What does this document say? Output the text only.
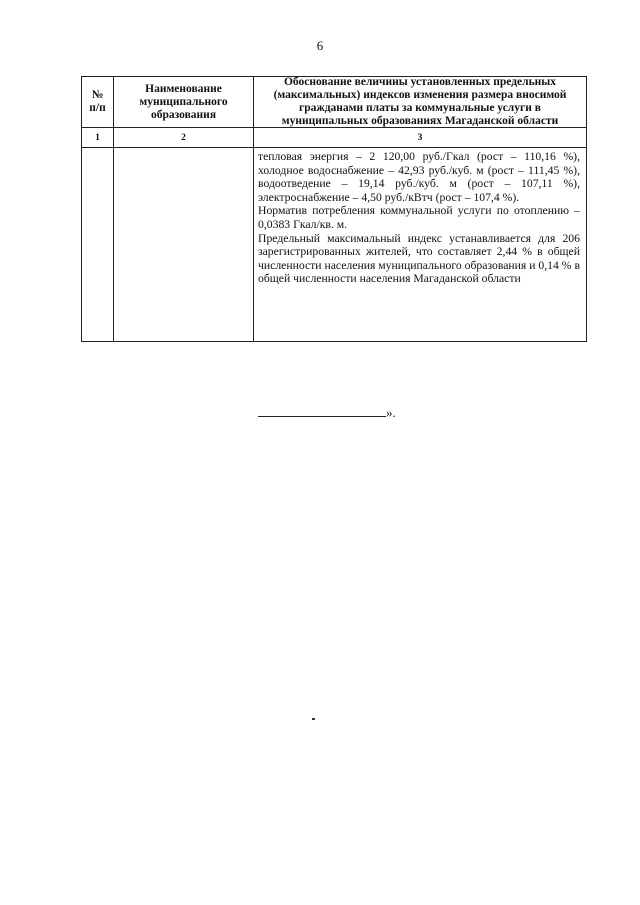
6
№ п/п
Наименование муниципального образования
Обоснование величины установленных предельных (максимальных) индексов изменения размера вносимой гражданами платы за коммунальные услуги в муниципальных образованиях Магаданской области
1	2	3

тепловая энергия – 2 120,00 руб./Гкал (рост – 110,16 %), холодное водоснабжение – 42,93 руб./куб. м (рост – 111,45 %), водоотведение – 19,14 руб./куб. м (рост – 107,11 %), электроснабжение – 4,50 руб./кВтч (рост – 107,4 %).

Норматив потребления коммунальной услуги по отоплению – 0,0383 Гкал/кв. м.

Предельный максимальный индекс устанавливается для 206 зарегистрированных жителей, что составляет 2,44 % в общей численности населения муниципального образования и 0,14 % в общей численности населения Магаданской области

».
